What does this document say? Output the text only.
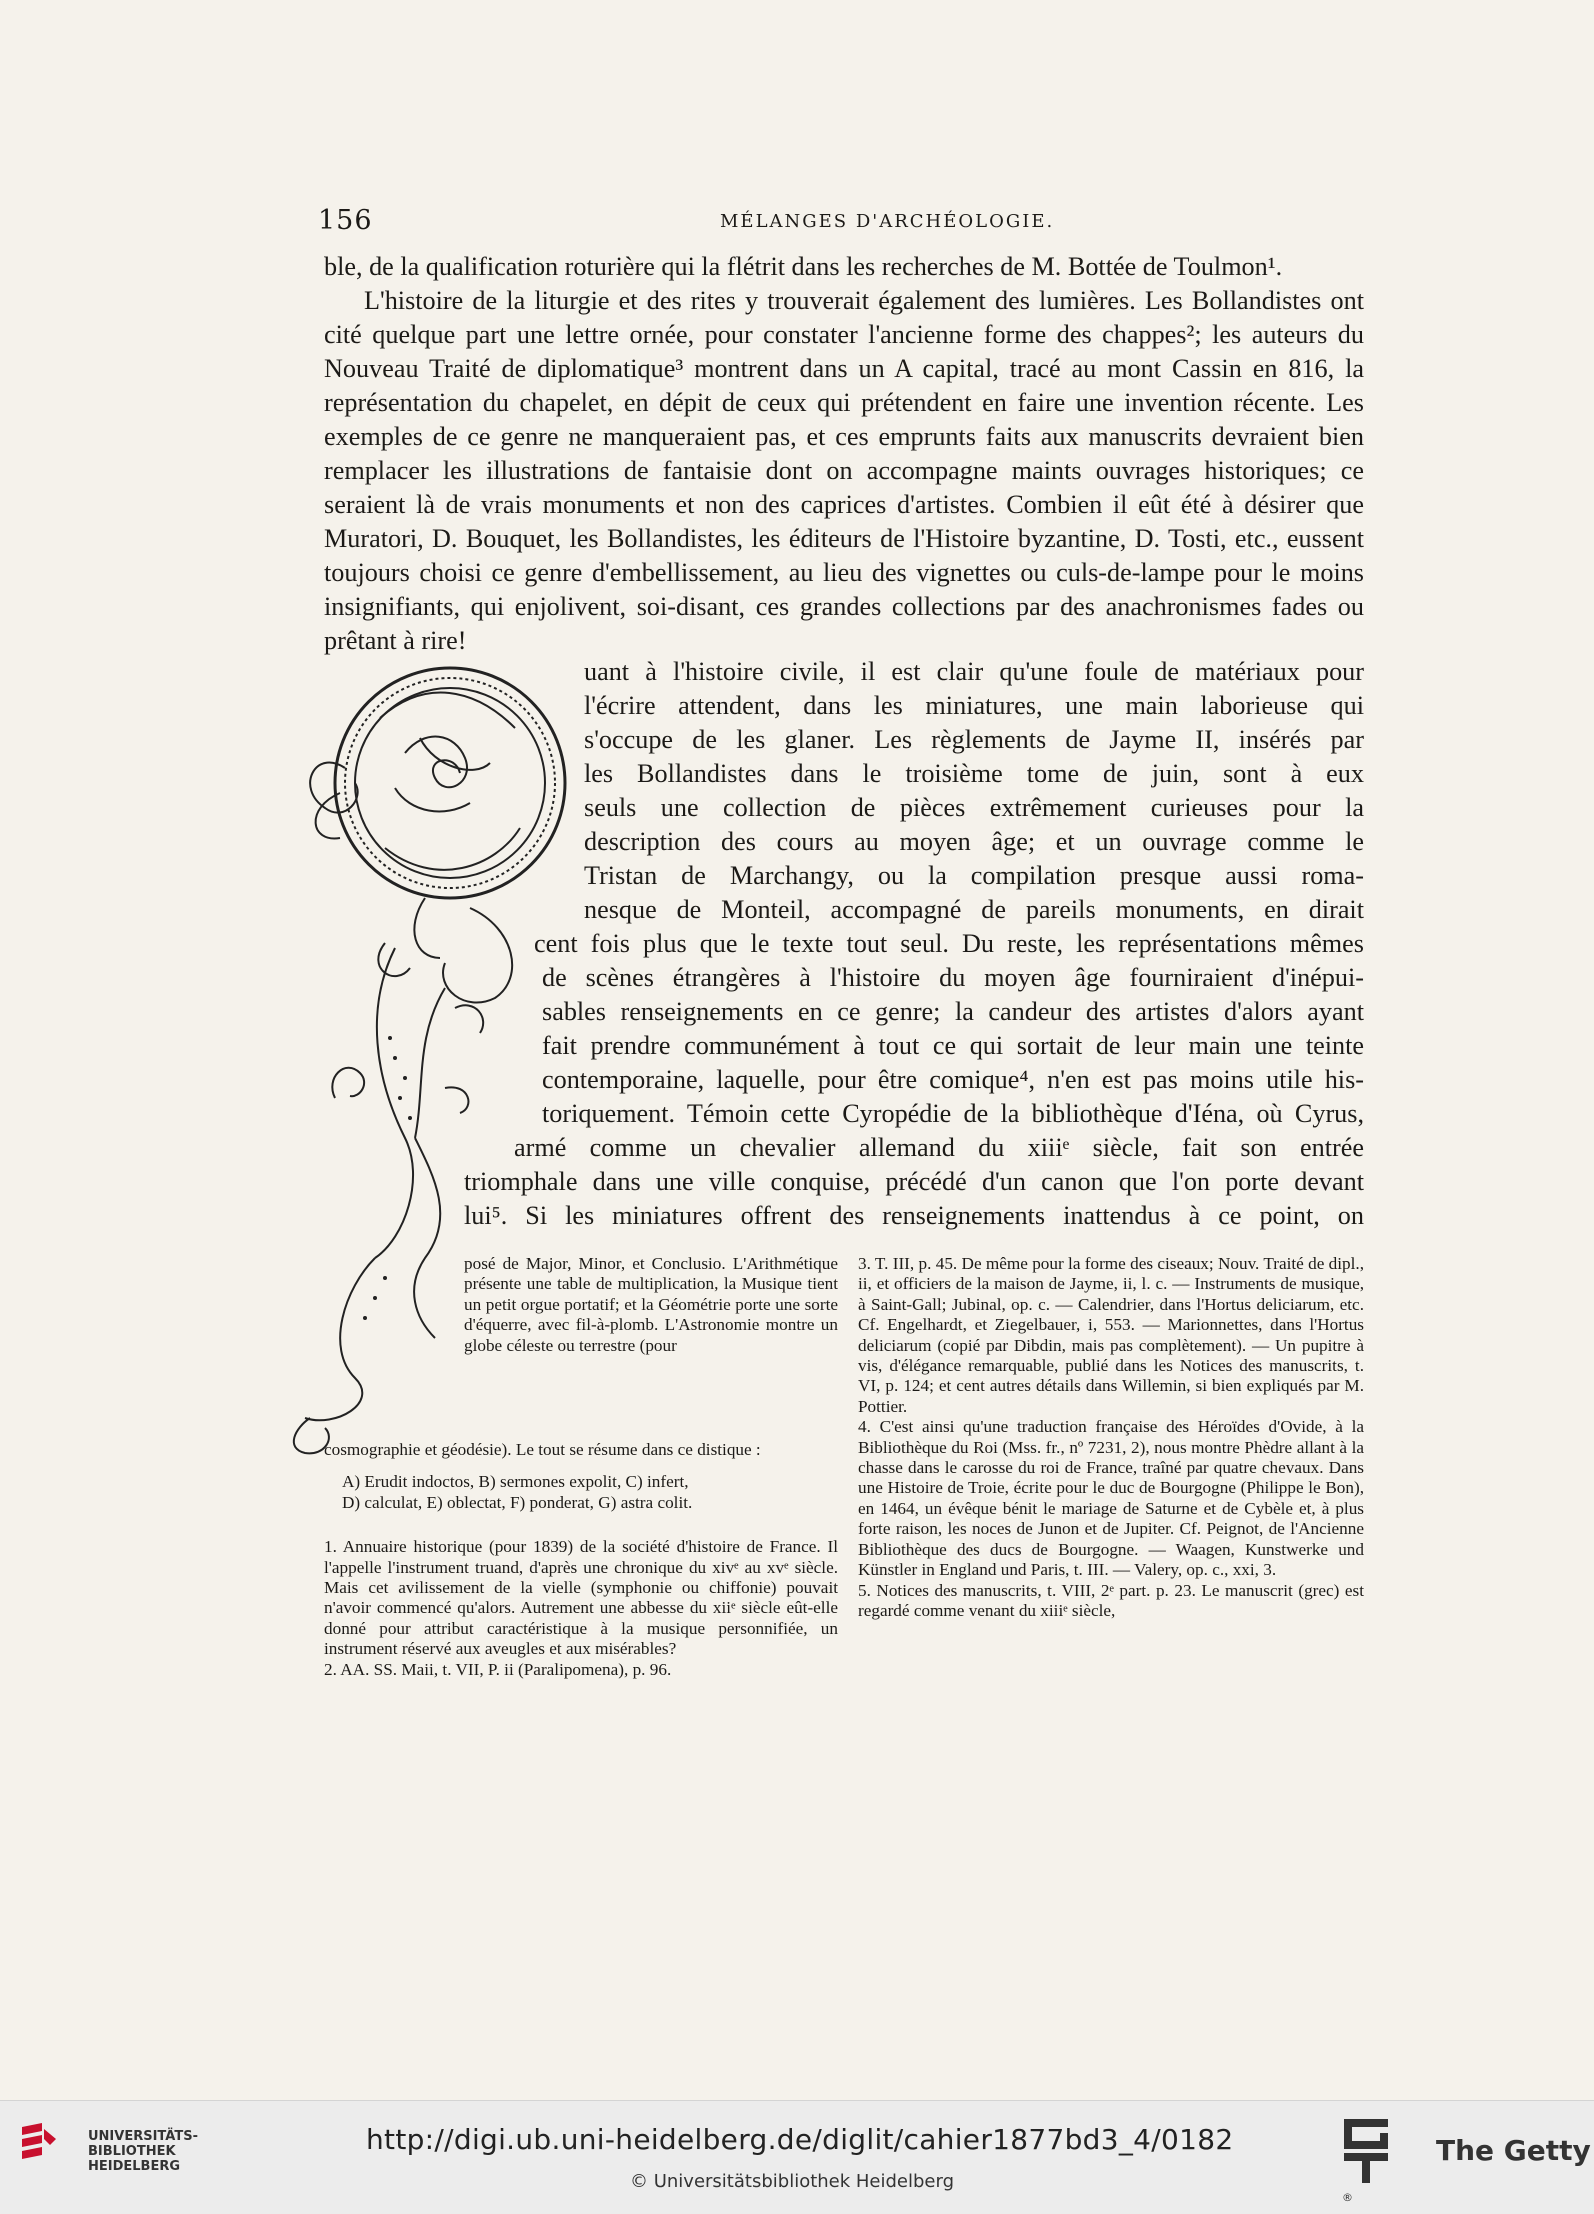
156	MÉLANGES D'ARCHÉOLOGIE.

ble, de la qualification roturière qui la flétrit dans les recherches de M. Bottée de Toulmon¹.

L'histoire de la liturgie et des rites y trouverait également des lumières. Les Bollandistes ont cité quelque part une lettre ornée, pour constater l'ancienne forme des chappes²; les auteurs du Nouveau Traité de diplomatique³ montrent dans un A capital, tracé au mont Cassin en 816, la représentation du chapelet, en dépit de ceux qui prétendent en faire une invention récente. Les exemples de ce genre ne manqueraient pas, et ces emprunts faits aux manuscrits devraient bien remplacer les illustrations de fantaisie dont on accompagne maints ouvrages historiques; ce seraient là de vrais monuments et non des caprices d'artistes. Combien il eût été à désirer que Muratori, D. Bouquet, les Bollandistes, les éditeurs de l'Histoire byzantine, D. Tosti, etc., eussent toujours choisi ce genre d'embellissement, au lieu des vignettes ou culs-de-lampe pour le moins insignifiants, qui enjolivent, soi-disant, ces grandes collections par des anachronismes fades ou prêtant à rire!

uant à l'histoire civile, il est clair qu'une foule de matériaux pour
l'écrire attendent, dans les miniatures, une main laborieuse qui
s'occupe de les glaner. Les règlements de Jayme II, insérés par
les Bollandistes dans le troisième tome de juin, sont à eux
seuls une collection de pièces extrêmement curieuses pour la
description des cours au moyen âge; et un ouvrage comme le
Tristan de Marchangy, ou la compilation presque aussi roma-
nesque de Monteil, accompagné de pareils monuments, en dirait
cent fois plus que le texte tout seul. Du reste, les représentations mêmes
de scènes étrangères à l'histoire du moyen âge fourniraient d'inépui-
sables renseignements en ce genre; la candeur des artistes d'alors ayant
fait prendre communément à tout ce qui sortait de leur main une teinte
contemporaine, laquelle, pour être comique⁴, n'en est pas moins utile his-
toriquement. Témoin cette Cyropédie de la bibliothèque d'Iéna, où Cyrus,
armé comme un chevalier allemand du xiiiᵉ siècle, fait son entrée
triomphale dans une ville conquise, précédé d'un canon que l'on porte devant
lui⁵. Si les miniatures offrent des renseignements inattendus à ce point, on

posé de Major, Minor, et Conclusio. L'Arithmétique présente une table de multiplication, la Musique tient un petit orgue portatif; et la Géométrie porte une sorte d'équerre, avec fil-à-plomb. L'Astronomie montre un globe céleste ou terrestre (pour

cosmographie et géodésie). Le tout se résume dans ce distique :

A) Erudit indoctos, B) sermones expolit, C) infert,
D) calculat, E) oblectat, F) ponderat, G) astra colit.

1. Annuaire historique (pour 1839) de la société d'histoire de France. Il l'appelle l'instrument truand, d'après une chronique du xivᵉ au xvᵉ siècle. Mais cet avilissement de la vielle (symphonie ou chiffonie) pouvait n'avoir commencé qu'alors. Autrement une abbesse du xiiᵉ siècle eût-elle donné pour attribut caractéristique à la musique personnifiée, un instrument réservé aux aveugles et aux misérables?

2. AA. SS. Maii, t. VII, P. ii (Paralipomena), p. 96.

3. T. III, p. 45. De même pour la forme des ciseaux; Nouv. Traité de dipl., ii, et officiers de la maison de Jayme, ii, l. c. — Instruments de musique, à Saint-Gall; Jubinal, op. c. — Calendrier, dans l'Hortus deliciarum, etc. Cf. Engelhardt, et Ziegelbauer, i, 553. — Marionnettes, dans l'Hortus deliciarum (copié par Dibdin, mais pas complètement). — Un pupitre à vis, d'élégance remarquable, publié dans les Notices des manuscrits, t. VI, p. 124; et cent autres détails dans Willemin, si bien expliqués par M. Pottier.

4. C'est ainsi qu'une traduction française des Héroïdes d'Ovide, à la Bibliothèque du Roi (Mss. fr., nº 7231, 2), nous montre Phèdre allant à la chasse dans le carosse du roi de France, traîné par quatre chevaux. Dans une Histoire de Troie, écrite pour le duc de Bourgogne (Philippe le Bon), en 1464, un évêque bénit le mariage de Saturne et de Cybèle et, à plus forte raison, les noces de Junon et de Jupiter. Cf. Peignot, de l'Ancienne Bibliothèque des ducs de Bourgogne. — Waagen, Kunstwerke und Künstler in England und Paris, t. III. — Valery, op. c., xxi, 3.

5. Notices des manuscrits, t. VIII, 2ᵉ part. p. 23. Le manuscrit (grec) est regardé comme venant du xiiiᵉ siècle,

UNIVERSITÄTS-
BIBLIOTHEK
HEIDELBERG
http://digi.ub.uni-heidelberg.de/diglit/cahier1877bd3_4/0182
© Universitätsbibliothek Heidelberg
®
The Getty
